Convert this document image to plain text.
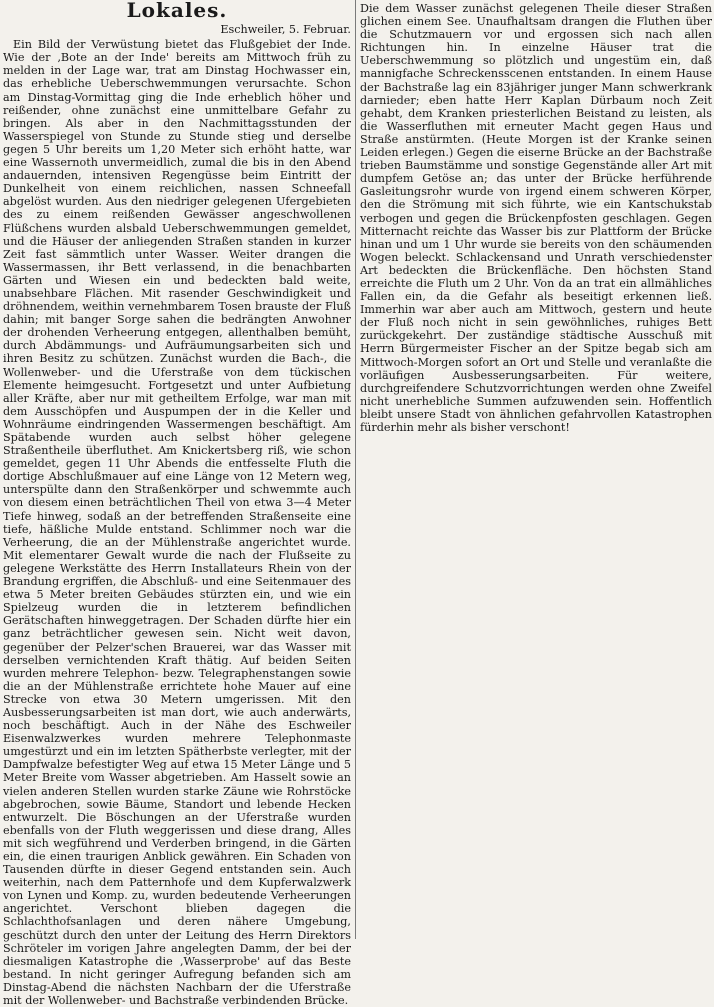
Lokales.
Eschweiler, 5. Februar.

Ein Bild der Verwüstung bietet das Flußgebiet der Inde. Wie der ‚Bote an der Inde' bereits am Mittwoch früh zu melden in der Lage war, trat am Dinstag Hochwasser ein, das erhebliche Ueberschwemmungen verursachte. Schon am Dinstag-Vormittag ging die Inde erheblich höher und reißender, ohne zunächst eine unmittelbare Gefahr zu bringen. Als aber in den Nachmittagsstunden der Wasserspiegel von Stunde zu Stunde stieg und derselbe gegen 5 Uhr bereits um 1,20 Meter sich erhöht hatte, war eine Wassernoth unvermeidlich, zumal die bis in den Abend andauernden, intensiven Regengüsse beim Eintritt der Dunkelheit von einem reichlichen, nassen Schneefall abgelöst wurden. Aus den niedriger gelegenen Ufergebieten des zu einem reißenden Gewässer angeschwollenen Flüßchens wurden alsbald Ueberschwemmungen gemeldet, und die Häuser der anliegenden Straßen standen in kurzer Zeit fast sämmtlich unter Wasser. Weiter drangen die Wassermassen, ihr Bett verlassend, in die benachbarten Gärten und Wiesen ein und bedeckten bald weite, unabsehbare Flächen. Mit rasender Geschwindigkeit und dröhnendem, weithin vernehmbarem Tosen brauste der Fluß dahin; mit banger Sorge sahen die bedrängten Anwohner der drohenden Verheerung entgegen, allenthalben bemüht, durch Abdämmungs- und Aufräumungsarbeiten sich und ihren Besitz zu schützen. Zunächst wurden die Bach-, die Wollenweber- und die Uferstraße von dem tückischen Elemente heimgesucht. Fortgesetzt und unter Aufbietung aller Kräfte, aber nur mit getheiltem Erfolge, war man mit dem Ausschöpfen und Auspumpen der in die Keller und Wohnräume eindringenden Wassermengen beschäftigt. Am Spätabende wurden auch selbst höher gelegene Straßentheile überfluthet. Am Knickertsberg riß, wie schon gemeldet, gegen 11 Uhr Abends die entfesselte Fluth die dortige Abschlußmauer auf eine Länge von 12 Metern weg, unterspülte dann den Straßenkörper und schwemmte auch von diesem einen beträchtlichen Theil von etwa 3—4 Meter Tiefe hinweg, sodaß an der betreffenden Straßenseite eine tiefe, häßliche Mulde entstand. Schlimmer noch war die Verheerung, die an der Mühlenstraße angerichtet wurde. Mit elementarer Gewalt wurde die nach der Flußseite zu gelegene Werkstätte des Herrn Installateurs Rhein von der Brandung ergriffen, die Abschluß- und eine Seitenmauer des etwa 5 Meter breiten Gebäudes stürzten ein, und wie ein Spielzeug wurden die in letzterem befindlichen Gerätschaften hinweggetragen. Der Schaden dürfte hier ein ganz beträchtlicher gewesen sein. Nicht weit davon, gegenüber der Pelzer'schen Brauerei, war das Wasser mit derselben vernichtenden Kraft thätig. Auf beiden Seiten wurden mehrere Telephon- bezw. Telegraphenstangen sowie die an der Mühlenstraße errichtete hohe Mauer auf eine Strecke von etwa 30 Metern umgerissen. Mit den Ausbesserungsarbeiten ist man dort, wie auch anderwärts, noch beschäftigt. Auch in der Nähe des Eschweiler Eisenwalzwerkes wurden mehrere Telephonmaste umgestürzt und ein im letzten Spätherbste verlegter, mit der Dampfwalze befestigter Weg auf etwa 15 Meter Länge und 5 Meter Breite vom Wasser abgetrieben. Am Hasselt sowie an vielen anderen Stellen wurden starke Zäune wie Rohrstöcke abgebrochen, sowie Bäume, Standort und lebende Hecken entwurzelt. Die Böschungen an der Uferstraße wurden ebenfalls von der Fluth weggerissen und diese drang, Alles mit sich wegführend und Verderben bringend, in die Gärten ein, die einen traurigen Anblick gewähren. Ein Schaden von Tausenden dürfte in dieser Gegend entstanden sein. Auch weiterhin, nach dem Patternhofe und dem Kupferwalzwerk von Lynen und Komp. zu, wurden bedeutende Verheerungen angerichtet. Verschont blieben dagegen die Schlachthofsanlagen und deren nähere Umgebung, geschützt durch den unter der Leitung des Herrn Direktors Schröteler im vorigen Jahre angelegten Damm, der bei der diesmaligen Katastrophe die ‚Wasserprobe' auf das Beste bestand. In nicht geringer Aufregung befanden sich am Dinstag-Abend die nächsten Nachbarn der die Uferstraße mit der Wollenweber- und Bachstraße verbindenden Brücke.

Die dem Wasser zunächst gelegenen Theile dieser Straßen glichen einem See. Unaufhaltsam drangen die Fluthen über die Schutzmauern vor und ergossen sich nach allen Richtungen hin. In einzelne Häuser trat die Ueberschwemmung so plötzlich und ungestüm ein, daß mannigfache Schreckensscenen entstanden. In einem Hause der Bachstraße lag ein 83jähriger junger Mann schwerkrank darnieder; eben hatte Herr Kaplan Dürbaum noch Zeit gehabt, dem Kranken priesterlichen Beistand zu leisten, als die Wasserfluthen mit erneuter Macht gegen Haus und Straße anstürmten. (Heute Morgen ist der Kranke seinen Leiden erlegen.) Gegen die eiserne Brücke an der Bachstraße trieben Baumstämme und sonstige Gegenstände aller Art mit dumpfem Getöse an; das unter der Brücke herführende Gasleitungsrohr wurde von irgend einem schweren Körper, den die Strömung mit sich führte, wie ein Kantschukstab verbogen und gegen die Brückenpfosten geschlagen. Gegen Mitternacht reichte das Wasser bis zur Plattform der Brücke hinan und um 1 Uhr wurde sie bereits von den schäumenden Wogen beleckt. Schlackensand und Unrath verschiedenster Art bedeckten die Brückenfläche. Den höchsten Stand erreichte die Fluth um 2 Uhr. Von da an trat ein allmähliches Fallen ein, da die Gefahr als beseitigt erkennen ließ. Immerhin war aber auch am Mittwoch, gestern und heute der Fluß noch nicht in sein gewöhnliches, ruhiges Bett zurückgekehrt. Der zuständige städtische Ausschuß mit Herrn Bürgermeister Fischer an der Spitze begab sich am Mittwoch-Morgen sofort an Ort und Stelle und veranlaßte die vorläufigen Ausbesserungsarbeiten. Für weitere, durchgreifendere Schutzvorrichtungen werden ohne Zweifel nicht unerhebliche Summen aufzuwenden sein. Hoffentlich bleibt unsere Stadt von ähnlichen gefahrvollen Katastrophen fürderhin mehr als bisher verschont!
